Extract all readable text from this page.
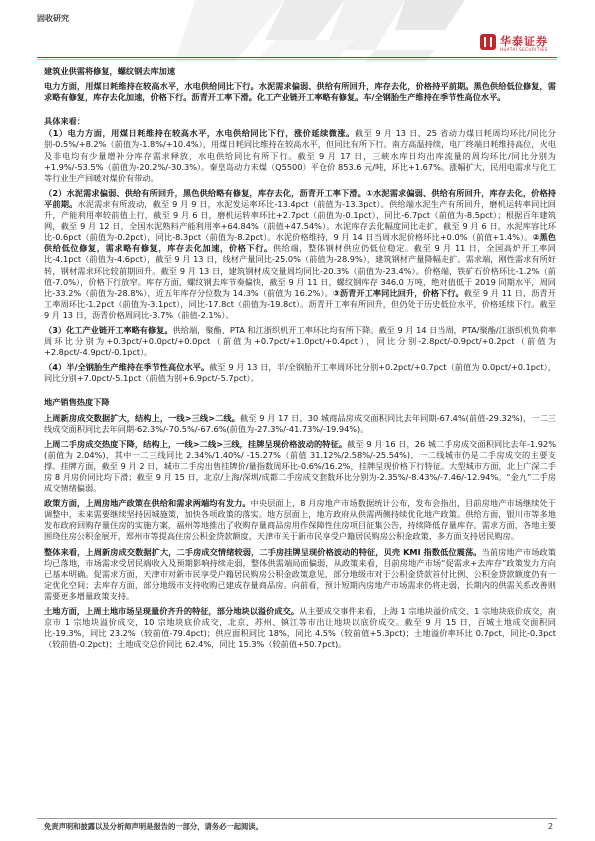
固收研究
华泰证券
HUATAI SECURITIES

建筑业供需将修复，螺纹钢去库加速

电力方面，用煤日耗维持在较高水平，水电供给同比下行。水泥需求偏弱、供给有所回升，库存去化，价格持平前期。黑色供给低位修复，需求略有修复，库存去化加速，价格下行。沥青开工率下滑。化工产业链开工率略有修复。车/全钢胎生产维持在季节性高位水平。

具体来看：

（1）电力方面，用煤日耗维持在较高水平，水电供给同比下行，涨价延续微涨。截至 9 月 13 日，25 省动力煤日耗周均环比/同比分别-0.5%/+8.2%（前值为-1.8%/+10.4%），用煤日耗同比维持在较高水平，但同比有所下行。南方高温持续，电厂终端日耗维持高位，火电及非电均有少量增补分库存需求释放，水电供给同比有所下行。截至 9 月 17 日，三峡水库日均出库流量的周均环比/同比分别为+1.9%/-53.5%（前值为-20.2%/-30.3%）。秦皇岛动力末煤（Q5500）平仓价 853.6 元/吨，环比+1.67%。涨幅扩大，民用电需求与化工等行业生产回暖对煤价有带动。

（2）水泥需求偏弱、供给有所回升，黑色供给略有修复，库存去化，沥青开工率下滑。①水泥需求偏弱、供给有所回升，库存去化，价格持平前期。水泥需求有所波动，截至 9 月 9 日，水泥发运率环比-13.4pct（前值为-13.3pct）。供给端水泥生产有所回升，磨机运转率同比回升，产能利用率较前值上行，截至 9 月 6 日，磨机运转率环比+2.7pct（前值为-0.1pct），同比-6.7pct（前值为-8.5pct）；根据百年建筑网，截至 9 月 12 日，全国水泥熟料产能利用率+64.84%（前值+47.54%）。水泥库存去化幅度同比走扩，截至 9 月 6 日，水泥库容比环比-0.6pct（前值为-0.2pct），同比-8.3pct（前值为-8.2pct）。水泥价格维持，9 月 14 日当周水泥价格环比+0.0%（前值+1.4%）。②黑色供给低位修复，需求略有修复，库存去化加速，价格下行。供给端，整体钢材供应仍低位稳定。截至 9 月 11 日，全国高炉开工率同比-4.1pct（前值为-4.6pct），截至 9 月 13 日，线材产量同比-25.0%（前值为-28.9%），建筑钢材产量降幅走扩。需求端，刚性需求有所好转，钢材需求环比较前期回升。截至 9 月 13 日，建筑钢材成交量周均同比-20.3%（前值为-23.4%）。价格端，铁矿石价格环比-1.2%（前值-7.0%），价格下行放窄。库存方面，螺纹钢去库节奏偏快，截至 9 月 11 日，螺纹钢库存 346.0 万吨，绝对值低于 2019 同期水平，周同比-33.2%（前值为-28.8%），近五年库存分位数为 14.3%（前值为 16.2%）。③沥青开工率同比回升，价格下行。截至 9 月 11 日，沥青开工率周环比-1.2pct（前值为-3.1pct），同比-17.8ct（前值为-19.8ct）。沥青开工率有所回升，但仍处于历史低位水平，价格延续下行。截至 9 月 13 日，沥青价格周同比-3.7%（前值-2.1%）。

（3）化工产业链开工率略有修复。供给端，聚酯、PTA 和江浙织机开工率环比均有所下降。截至 9 月 14 日当周，PTA/聚酯/江浙织机负荷率周环比分别为+0.3pct/+0.0pct/+0.0pct（前值为+0.7pct/+1.0pct/+0.4pct），同比分别-2.8pct/-0.9pct/+0.2pct（前值为+2.8pct/-4.9pct/-0.1pct）。

（4）半/全钢胎生产维持在季节性高位水平。截至 9 月 13 日，半/全钢胎开工率周环比分别+0.2pct/+0.7pct（前值为 0.0pct/+0.1pct），同比分别+7.0pct/-5.1pct（前值为别+6.9pct/-5.7pct）。

地产销售热度下降

上周新房成交数据扩大，结构上，一线>三线>二线。截至 9 月 17 日，30 城商品房成交面积同比去年同期-67.4%(前值-29.32%)，一二三线成交面积同比去年同期-62.3%/-70.5%/-67.6%(前值为-27.3%/-41.73%/-19.94%)。

上周二手房成交热度下降，结构上，一线>二线>三线，挂牌呈现价格波动的特征。截至 9 月 16 日，26 城二手房成交面积同比去年-1.92%(前值为 2.04%)，其中一二三线同比 2.34%/1.40%/ -15.27%（前值 31.12%/2.58%/-25.54%)，一二线城市仍是二手房成交的主要支撑。挂牌方面，截至 9 月 2 日，城市二手房出售挂牌价/量指数周环比-0.6%/16.2%，挂牌呈现价格下行特征。大型城市方面，北上广深二手房 8 月房价同比均下滑；截至 9 月 15 日，北京/上海/深圳/成都二手房成交套数环比分别为-2.35%/-8.43%/-7.46/-12.94%。“金九”二手房成交情绪偏弱。

政策方面，上周房地产政策在供给和需求两端均有发力。中央层面上，8 月房地产市场数据统计公布，发布会指出，目前房地产市场继续处于调整中，未来需要继续坚持因城施策，加快各项政策的落实。地方层面上，地方政府从供需两侧持续优化地产政策。供给方面，银川市等多地发布政府回购存量住房的实施方案，福州等地推出了收购存量商品房用作保障性住房项目征集公告，持续降低存量库存。需求方面，各地主要围绕住房公积金展开，郑州市等提高住房公积金贷款额度，天津市关于新市民享受户籍居民购房公积金政策，多方面支持居民购房。

整体来看，上周新房成交数据扩大，二手房成交情绪较弱，二手房挂牌呈现价格波动的特征，贝壳 KMI 指数低位震荡。当前房地产市场政策均已落地，市场需求受居民端收入及预期影响持续走弱，整体供需端局面偏弱，从政策来看，目前房地产市场“促需求+去库存”政策发力方向已基本明确。促需求方面，天津市对新市民享受户籍居民购房公积金政策意见，部分地级市对于公积金贷款首付比例、公积金贷款额度仍有一定优化空间；去库存方面，部分地级市支持收购已建成存量商品房。向前看，预计短期内房地产市场需求仍将走弱，长期内的供需关系改善则需要更多增量政策支持。

土地方面，上周土地市场呈现量价齐升的特征，部分地块以溢价成交。从主要成交事件来看，上海 1 宗地块溢价成交、1 宗地块底价成交，南京市 1 宗地块溢价成交，10 宗地块底价成交，北京、苏州、镇江等市出让地块以底价成交。截至 9 月 15 日，百城土地成交面积同比-19.3%，同比 23.2%（较前值-79.4pct)；供应面积同比 18%，同比 4.5%（较前值+5.3pct)；土地溢价率环比 0.7pct，同比-0.3pct（较前值-0.2pct)；土地成交总价同比 62.4%，同比 15.3%（较前值+50.7pct)。

免责声明和披露以及分析师声明是报告的一部分，请务必一起阅读。	2
